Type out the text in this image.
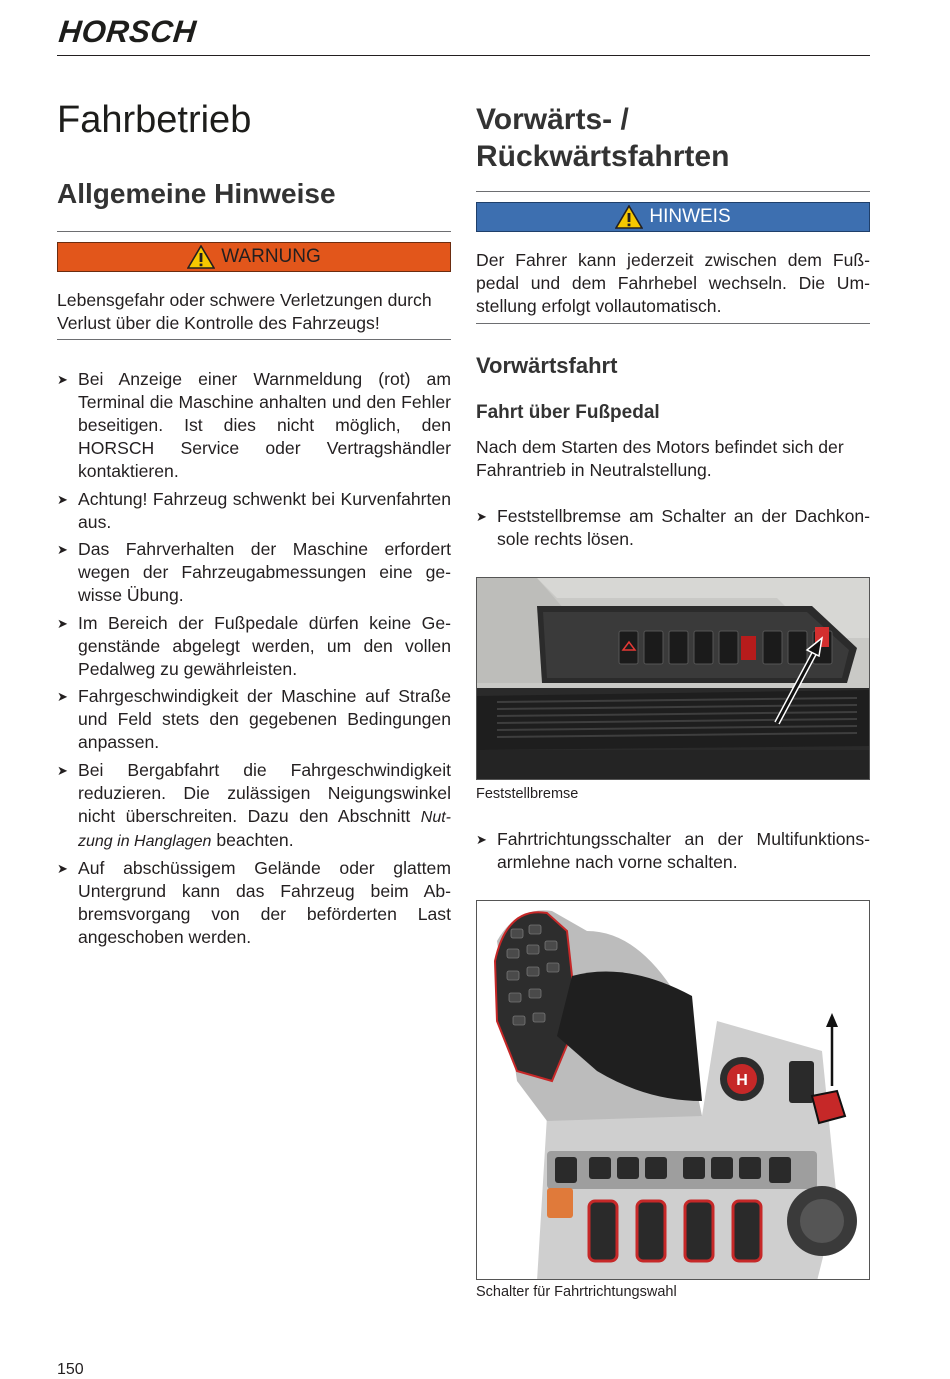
HORSCH
Fahrbetrieb
Allgemeine Hinweise
WARNUNG

Lebensgefahr oder schwere Verletzungen durch Verlust über die Kontrolle des Fahrzeugs!

➤ Bei Anzeige einer Warnmeldung (rot) am Terminal die Maschine anhalten und den Fehler beseitigen. Ist dies nicht möglich, den HORSCH Service oder Vertragshändler kontaktieren.
➤ Achtung! Fahrzeug schwenkt bei Kurvenfahrten aus.
➤ Das Fahrverhalten der Maschine erfordert wegen der Fahrzeugabmessungen eine gewisse Übung.
➤ Im Bereich der Fußpedale dürfen keine Gegenstände abgelegt werden, um den vollen Pedalweg zu gewährleisten.
➤ Fahrgeschwindigkeit der Maschine auf Straße und Feld stets den gegebenen Bedingungen anpassen.
➤ Bei Bergabfahrt die Fahrgeschwindigkeit reduzieren. Die zulässigen Neigungswinkel nicht überschreiten. Dazu den Abschnitt Nutzung in Hanglagen beachten.
➤ Auf abschüssigem Gelände oder glattem Untergrund kann das Fahrzeug beim Abbremsvorgang von der beförderten Last angeschoben werden.
Vorwärts- /
Rückwärtsfahrten
HINWEIS

Der Fahrer kann jederzeit zwischen dem Fußpedal und dem Fahrhebel wechseln. Die Umstellung erfolgt vollautomatisch.

Vorwärtsfahrt
Fahrt über Fußpedal

Nach dem Starten des Motors befindet sich der Fahrantrieb in Neutralstellung.

➤ Feststellbremse am Schalter an der Dachkonsole rechts lösen.
Feststellbremse
➤ Fahrtrichtungsschalter an der Multifunktionsarmlehne nach vorne schalten.
H
Schalter für Fahrtrichtungswahl
150
